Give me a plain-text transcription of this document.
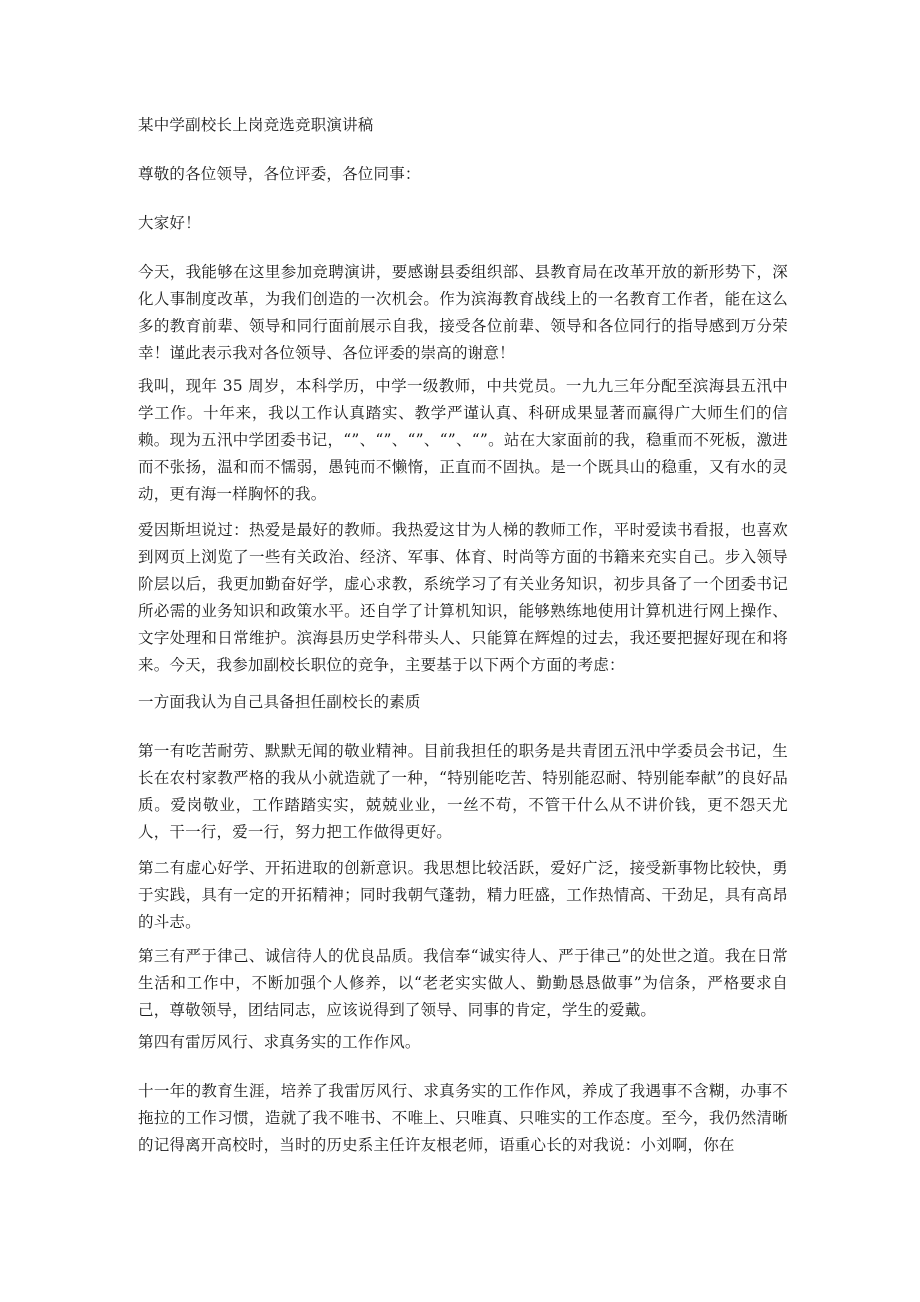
某中学副校长上岗竞选竞职演讲稿

尊敬的各位领导，各位评委，各位同事：

大家好！

今天，我能够在这里参加竞聘演讲，要感谢县委组织部、县教育局在改革开放的新形势下，深化人事制度改革，为我们创造的一次机会。作为滨海教育战线上的一名教育工作者，能在这么多的教育前辈、领导和同行面前展示自我，接受各位前辈、领导和各位同行的指导感到万分荣幸！谨此表示我对各位领导、各位评委的崇高的谢意！

我叫，现年 35 周岁，本科学历，中学一级教师，中共党员。一九九三年分配至滨海县五汛中学工作。十年来，我以工作认真踏实、教学严谨认真、科研成果显著而赢得广大师生们的信赖。现为五汛中学团委书记，“”、“”、“”、“”、“”。站在大家面前的我，稳重而不死板，激进而不张扬，温和而不懦弱，愚钝而不懒惰，正直而不固执。是一个既具山的稳重，又有水的灵动，更有海一样胸怀的我。

爱因斯坦说过：热爱是最好的教师。我热爱这甘为人梯的教师工作，平时爱读书看报，也喜欢到网页上浏览了一些有关政治、经济、军事、体育、时尚等方面的书籍来充实自己。步入领导阶层以后，我更加勤奋好学，虚心求教，系统学习了有关业务知识，初步具备了一个团委书记所必需的业务知识和政策水平。还自学了计算机知识，能够熟练地使用计算机进行网上操作、文字处理和日常维护。滨海县历史学科带头人、只能算在辉煌的过去，我还要把握好现在和将来。今天，我参加副校长职位的竞争，主要基于以下两个方面的考虑：

一方面我认为自己具备担任副校长的素质

第一有吃苦耐劳、默默无闻的敬业精神。目前我担任的职务是共青团五汛中学委员会书记，生长在农村家教严格的我从小就造就了一种，“特别能吃苦、特别能忍耐、特别能奉献”的良好品质。爱岗敬业，工作踏踏实实，兢兢业业，一丝不苟，不管干什么从不讲价钱，更不怨天尤人，干一行，爱一行，努力把工作做得更好。

第二有虚心好学、开拓进取的创新意识。我思想比较活跃，爱好广泛，接受新事物比较快，勇于实践，具有一定的开拓精神；同时我朝气蓬勃，精力旺盛，工作热情高、干劲足，具有高昂的斗志。

第三有严于律己、诚信待人的优良品质。我信奉“诚实待人、严于律己”的处世之道。我在日常生活和工作中，不断加强个人修养，以“老老实实做人、勤勤恳恳做事”为信条，严格要求自己，尊敬领导，团结同志，应该说得到了领导、同事的肯定，学生的爱戴。

第四有雷厉风行、求真务实的工作作风。

十一年的教育生涯，培养了我雷厉风行、求真务实的工作作风，养成了我遇事不含糊，办事不拖拉的工作习惯，造就了我不唯书、不唯上、只唯真、只唯实的工作态度。至今，我仍然清晰的记得离开高校时，当时的历史系主任许友根老师，语重心长的对我说：小刘啊，你在
